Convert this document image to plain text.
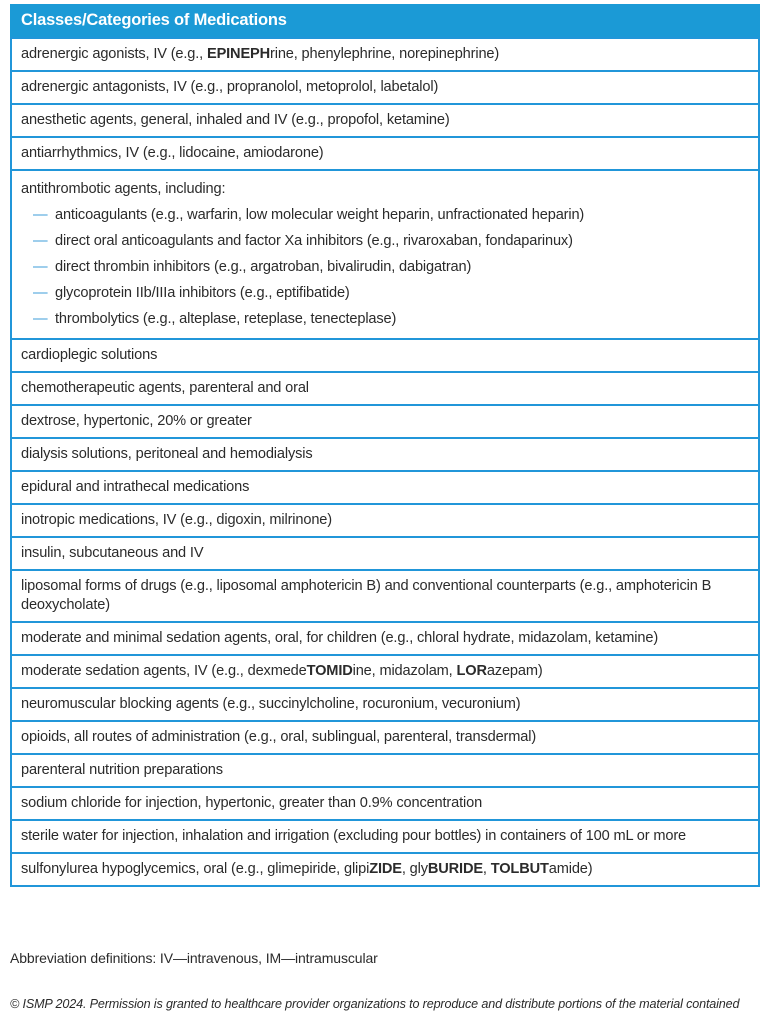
Classes/Categories of Medications
adrenergic agonists, IV (e.g., EPINEPHrine, phenylephrine, norepinephrine)
adrenergic antagonists, IV (e.g., propranolol, metoprolol, labetalol)
anesthetic agents, general, inhaled and IV (e.g., propofol, ketamine)
antiarrhythmics, IV (e.g., lidocaine, amiodarone)
antithrombotic agents, including:
— anticoagulants (e.g., warfarin, low molecular weight heparin, unfractionated heparin)
— direct oral anticoagulants and factor Xa inhibitors (e.g., rivaroxaban, fondaparinux)
— direct thrombin inhibitors (e.g., argatroban, bivalirudin, dabigatran)
— glycoprotein IIb/IIIa inhibitors (e.g., eptifibatide)
— thrombolytics (e.g., alteplase, reteplase, tenecteplase)
cardioplegic solutions
chemotherapeutic agents, parenteral and oral
dextrose, hypertonic, 20% or greater
dialysis solutions, peritoneal and hemodialysis
epidural and intrathecal medications
inotropic medications, IV (e.g., digoxin, milrinone)
insulin, subcutaneous and IV
liposomal forms of drugs (e.g., liposomal amphotericin B) and conventional counterparts (e.g., amphotericin B deoxycholate)
moderate and minimal sedation agents, oral, for children (e.g., chloral hydrate, midazolam, ketamine)
moderate sedation agents, IV (e.g., dexmedeTOMIDine, midazolam, LORazepam)
neuromuscular blocking agents (e.g., succinylcholine, rocuronium, vecuronium)
opioids, all routes of administration (e.g., oral, sublingual, parenteral, transdermal)
parenteral nutrition preparations
sodium chloride for injection, hypertonic, greater than 0.9% concentration
sterile water for injection, inhalation and irrigation (excluding pour bottles) in containers of 100 mL or more
sulfonylurea hypoglycemics, oral (e.g., glimepiride, glipiZIDE, glyBURIDE, TOLBUTamide)
Abbreviation definitions: IV—intravenous, IM—intramuscular
© ISMP 2024. Permission is granted to healthcare provider organizations to reproduce and distribute portions of the material contained
